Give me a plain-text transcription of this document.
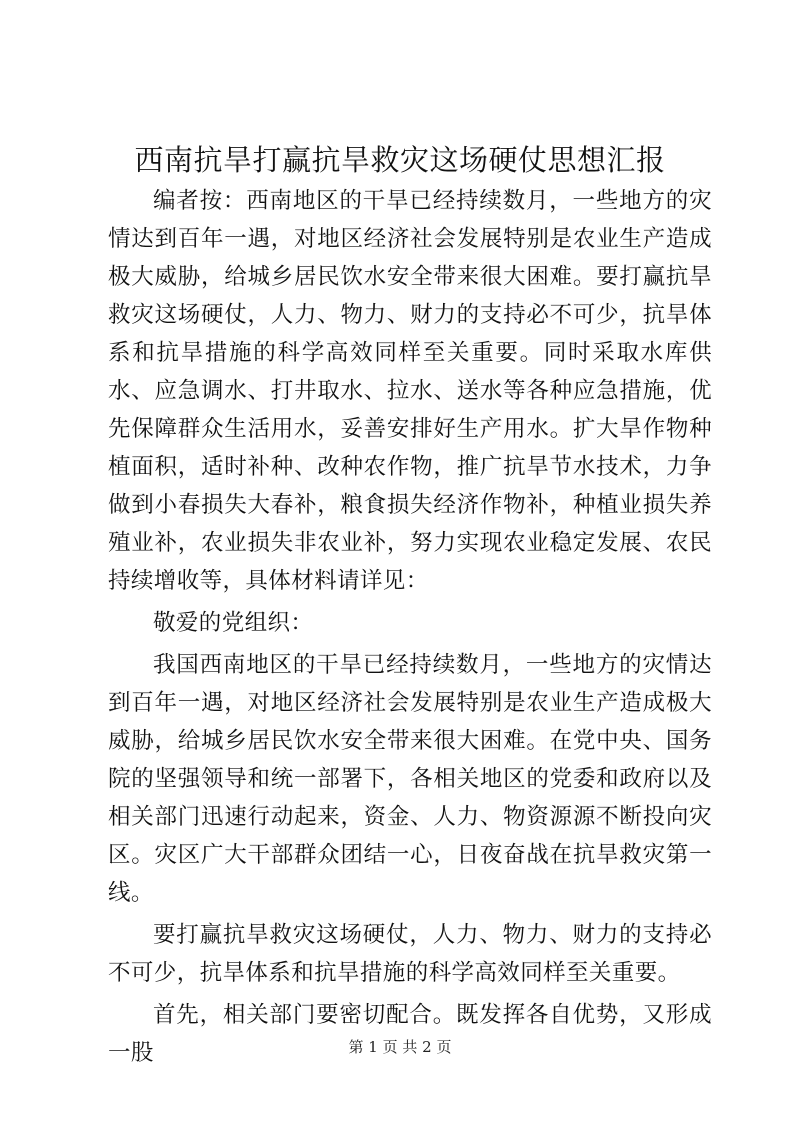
西南抗旱打赢抗旱救灾这场硬仗思想汇报

编者按：西南地区的干旱已经持续数月，一些地方的灾情达到百年一遇，对地区经济社会发展特别是农业生产造成极大威胁，给城乡居民饮水安全带来很大困难。要打赢抗旱救灾这场硬仗，人力、物力、财力的支持必不可少，抗旱体系和抗旱措施的科学高效同样至关重要。同时采取水库供水、应急调水、打井取水、拉水、送水等各种应急措施，优先保障群众生活用水，妥善安排好生产用水。扩大旱作物种植面积，适时补种、改种农作物，推广抗旱节水技术，力争做到小春损失大春补，粮食损失经济作物补，种植业损失养殖业补，农业损失非农业补，努力实现农业稳定发展、农民持续增收等，具体材料请详见：

敬爱的党组织：

我国西南地区的干旱已经持续数月，一些地方的灾情达到百年一遇，对地区经济社会发展特别是农业生产造成极大威胁，给城乡居民饮水安全带来很大困难。在党中央、国务院的坚强领导和统一部署下，各相关地区的党委和政府以及相关部门迅速行动起来，资金、人力、物资源源不断投向灾区。灾区广大干部群众团结一心，日夜奋战在抗旱救灾第一线。

要打赢抗旱救灾这场硬仗，人力、物力、财力的支持必不可少，抗旱体系和抗旱措施的科学高效同样至关重要。

首先，相关部门要密切配合。既发挥各自优势，又形成一股	第 1 页 共 2 页
